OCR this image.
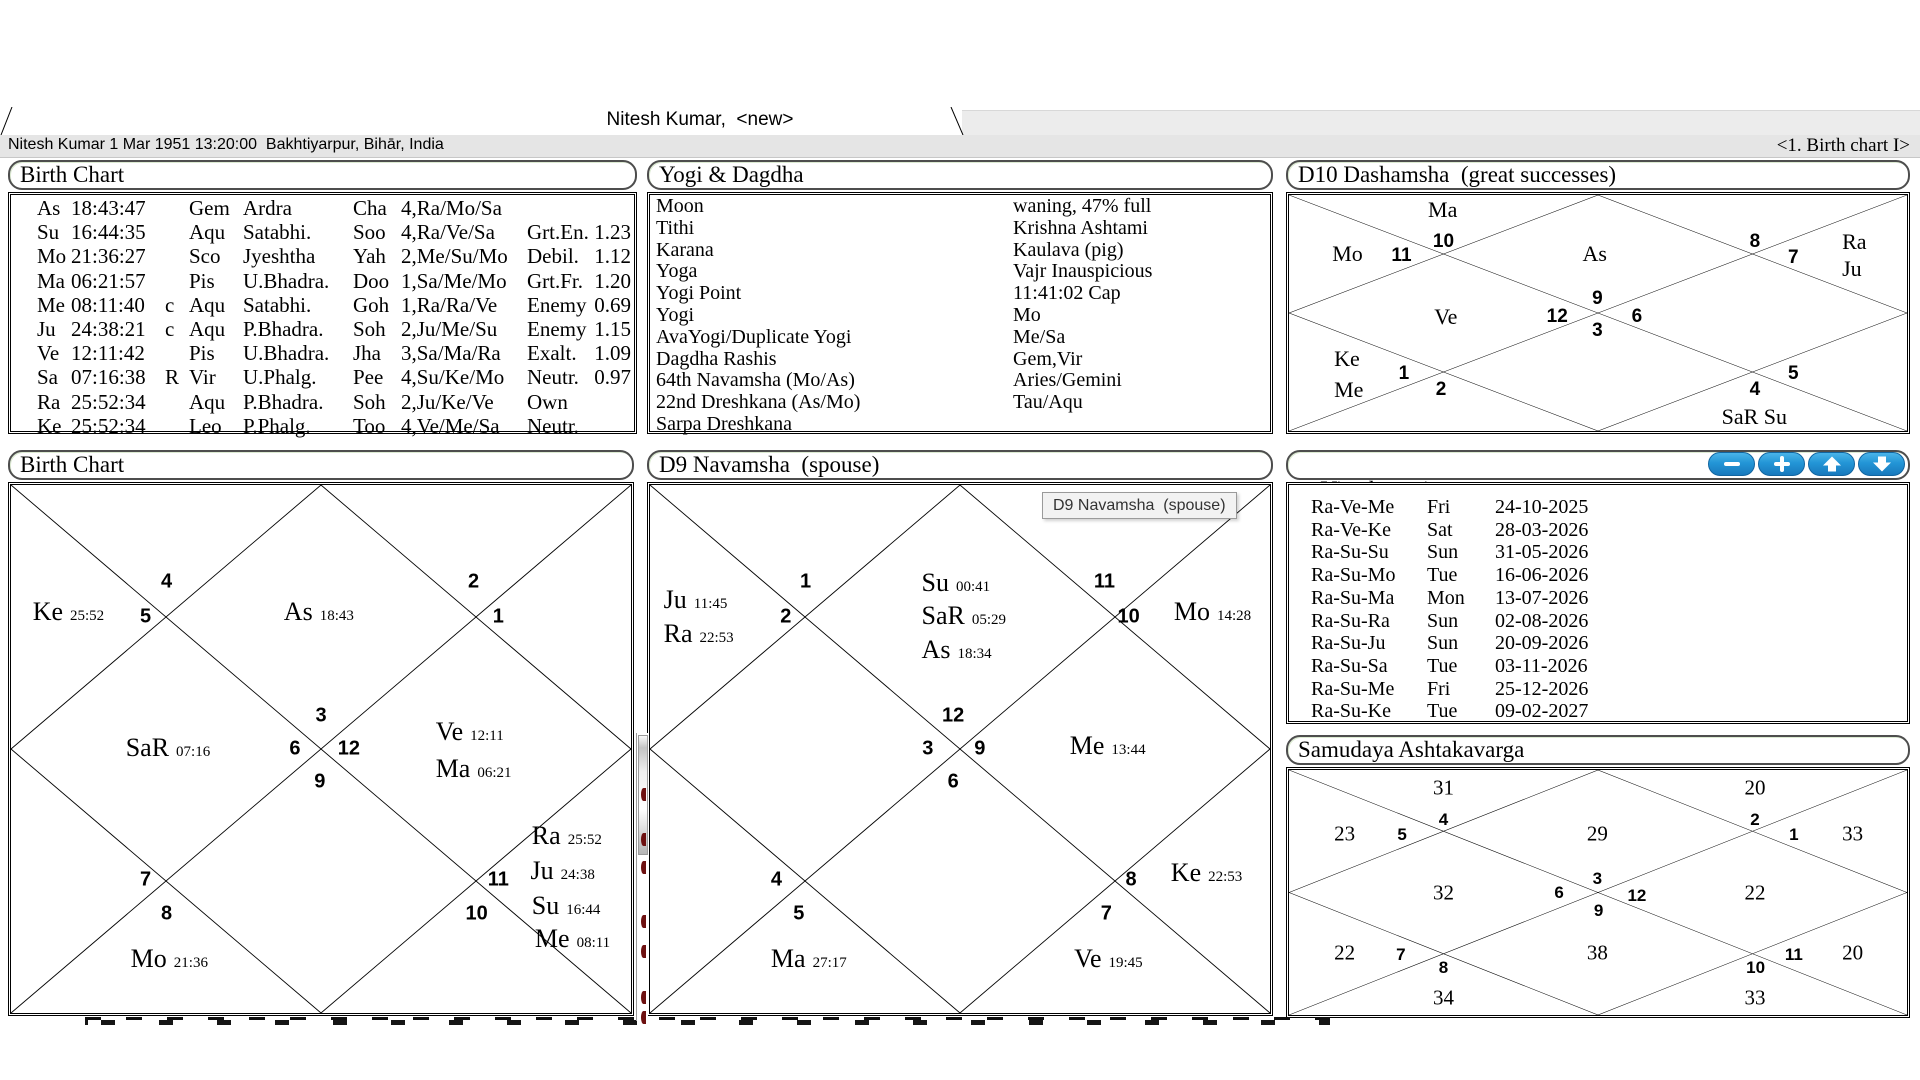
Nitesh Kumar,  <new>
Nitesh Kumar 1 Mar 1951 13:20:00  Bakhtiyarpur, Bihār, India	<1. Birth chart I>
Birth Chart
As 18:43:47 Gem Ardra	Cha 4,Ra/Mo/Sa
Su 16:44:35 Aqu Satabhi. Soo 4,Ra/Ve/Sa Grt.En. 1.23
Mo 21:36:27 Sco Jyeshtha Yah 2,Me/Su/Mo Debil. 1.12
Ma 06:21:57 Pis U.Bhadra. Doo 1,Sa/Me/Mo Grt.Fr. 1.20
Me 08:11:40 c Aqu Satabhi. Goh 1,Ra/Ra/Ve Enemy 0.69
Ju 24:38:21 c Aqu P.Bhadra. Soh 2,Ju/Me/Su Enemy 1.15
Ve 12:11:42 Pis U.Bhadra. Jha 3,Sa/Ma/Ra Exalt. 1.09
Sa 07:16:38 R Vir U.Phalg. Pee 4,Su/Ke/Mo Neutr. 0.97
Ra 25:52:34 Aqu P.Bhadra. Soh 2,Ju/Ke/Ve Own
Ke 25:52:34 Leo P.Phalg. Too 4,Ve/Me/Sa Neutr.
Yogi & Dagdha
Moon	waning, 47% full
Tithi	Krishna Ashtami
Karana	Kaulava (pig)
Yoga	Vajr Inauspicious
Yogi Point	11:41:02 Cap
Yogi	Mo
AvaYogi/Duplicate Yogi	Me/Sa
Dagdha Rashis	Gem,Vir
64th Navamsha (Mo/As)	Aries/Gemini
22nd Dreshkana (As/Mo)	Tau/Aqu
Sarpa Dreshkana
D10 Dashamsha  (great successes)
Ma
10
Mo 11	As	8
7
Ra
Ju
Ve	12
9
3
6
Ke
Me
1
2
5
4
SaR Su
Birth Chart
4
5
Ke 25:52	As 18:43
2
1
3
SaR 07:16	6 12
9
Ve 12:11
Ma 06:21
Ra 25:52
Ju 24:38
Su 16:44
Me 08:11
7
8
11
10
Mo 21:36
D9 Navamsha  (spouse)
1
2
Ju 11:45
Ra 22:53
Su 00:41
SaR 05:29
As 18:34
11
10 Mo 14:28
12
3 9
6
Me 13:44
4
5
Ma 27:17
8
7
Ke 22:53
Ve 19:45

Ra-Ve-Me Fri 24-10-2025
Ra-Ve-Ke Sat 28-03-2026
Ra-Su-Su Sun 31-05-2026
Ra-Su-Mo Tue 16-06-2026
Ra-Su-Ma Mon 13-07-2026
Ra-Su-Ra Sun 02-08-2026
Ra-Su-Ju Sun 20-09-2026
Ra-Su-Sa Tue 03-11-2026
Ra-Su-Me Fri 25-12-2026
Ra-Su-Ke Tue 09-02-2027
Samudaya Ashtakavarga
31
4
23 5	29
20
2
1 33
32
3
6	12
9
22
22 7
8
38	11
10
20
34	33
D9 Navamsha  (spouse)
